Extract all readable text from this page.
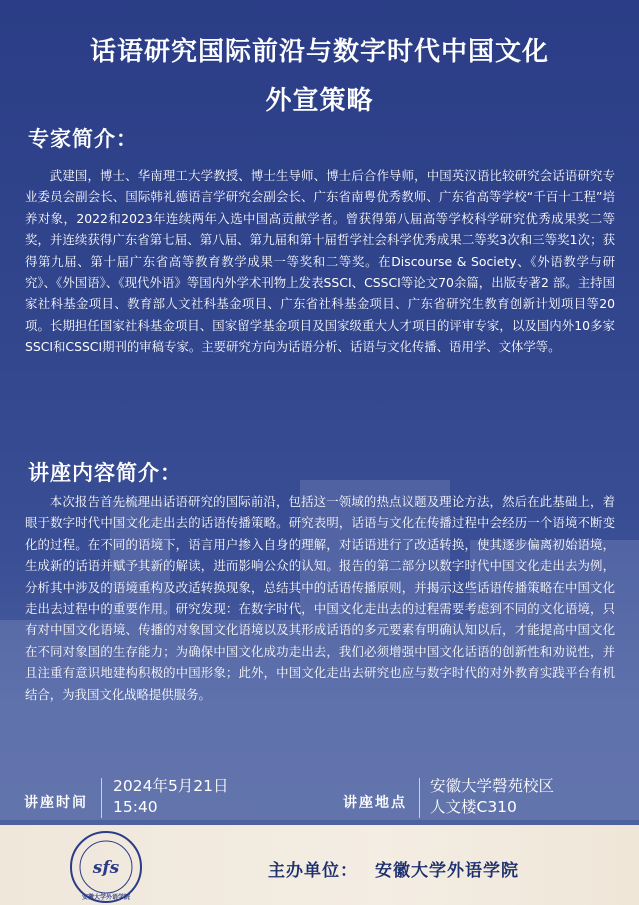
话语研究国际前沿与数字时代中国文化
外宣策略
专家简介：
武建国，博士、华南理工大学教授、博士生导师、博士后合作导师，中国英汉语比较研究会话语研究专业委员会副会长、国际韩礼德语言学研究会副会长、广东省南粤优秀教师、广东省高等学校“千百十工程”培养对象，2022和2023年连续两年入选中国高贡献学者。曾获得第八届高等学校科学研究优秀成果奖二等奖，并连续获得广东省第七届、第八届、第九届和第十届哲学社会科学优秀成果二等奖3次和三等奖1次；获得第九届、第十届广东省高等教育教学成果一等奖和二等奖。在Discourse & Society、《外语教学与研究》、《外国语》、《现代外语》等国内外学术刊物上发表SSCI、CSSCI等论文70余篇，出版专著2 部。主持国家社科基金项目、教育部人文社科基金项目、广东省社科基金项目、广东省研究生教育创新计划项目等20项。长期担任国家社科基金项目、国家留学基金项目及国家级重大人才项目的评审专家，以及国内外10多家SSCI和CSSCI期刊的审稿专家。主要研究方向为话语分析、话语与文化传播、语用学、文体学等。
讲座内容简介：
本次报告首先梳理出话语研究的国际前沿，包括这一领域的热点议题及理论方法，然后在此基础上，着眼于数字时代中国文化走出去的话语传播策略。研究表明，话语与文化在传播过程中会经历一个语境不断变化的过程。在不同的语境下，语言用户掺入自身的理解，对话语进行了改适转换，使其逐步偏离初始语境，生成新的话语并赋予其新的解读，进而影响公众的认知。报告的第二部分以数字时代中国文化走出去为例，分析其中涉及的语境重构及改适转换现象，总结其中的话语传播原则，并揭示这些话语传播策略在中国文化走出去过程中的重要作用。研究发现：在数字时代，中国文化走出去的过程需要考虑到不同的文化语境，只有对中国文化语境、传播的对象国文化语境以及其形成话语的多元要素有明确认知以后，才能提高中国文化在不同对象国的生存能力；为确保中国文化成功走出去，我们必须增强中国文化话语的创新性和劝说性，并且注重有意识地建构积极的中国形象；此外，中国文化走出去研究也应与数字时代的对外教育实践平台有机结合，为我国文化战略提供服务。
讲座时间
2024年5月21日
15:40	讲座地点
安徽大学磬苑校区
人文楼C310
sfs
安徽大学外语学院
主办单位： 安徽大学外语学院
